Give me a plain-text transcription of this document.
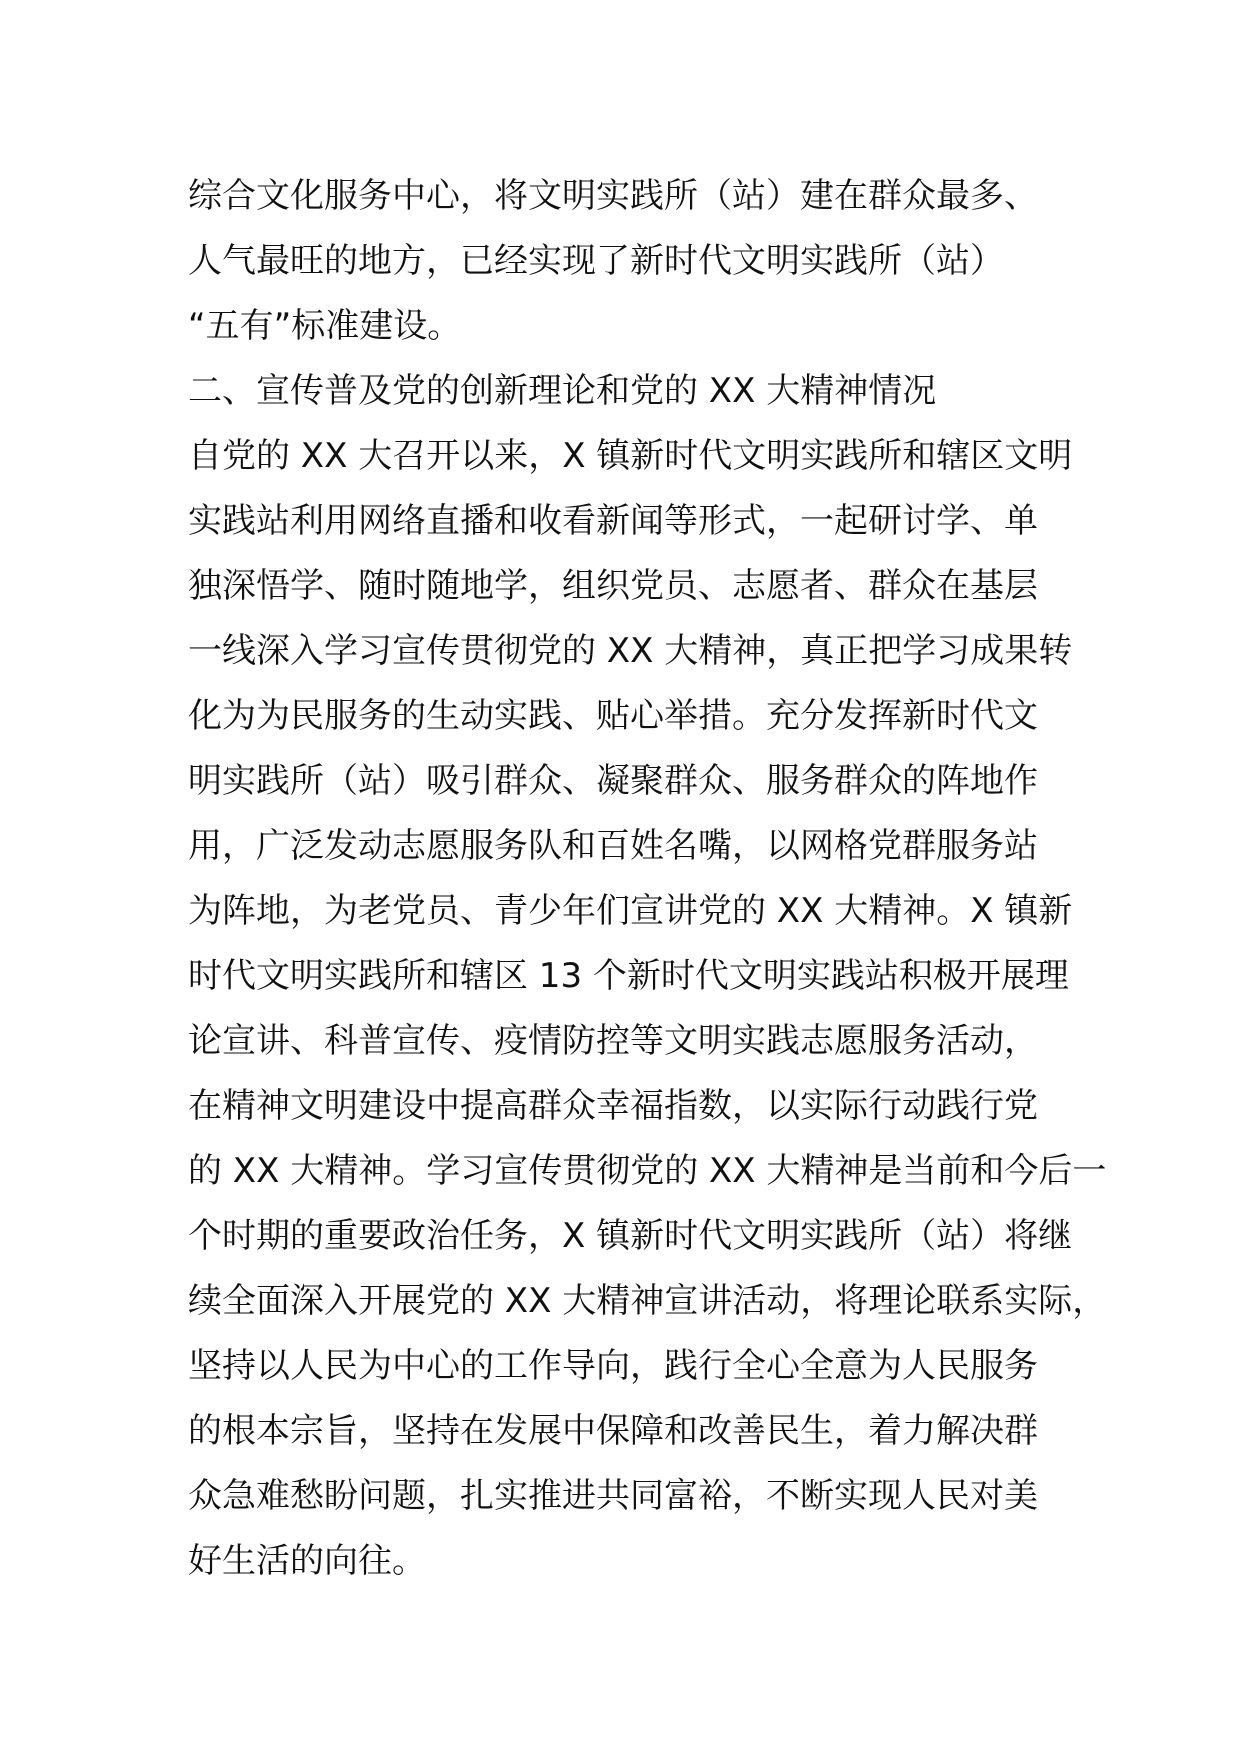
综合文化服务中心，将文明实践所（站）建在群众最多、
人气最旺的地方，已经实现了新时代文明实践所（站）
“五有”标准建设。
二、宣传普及党的创新理论和党的 XX 大精神情况
自党的 XX 大召开以来，X 镇新时代文明实践所和辖区文明
实践站利用网络直播和收看新闻等形式，一起研讨学、单
独深悟学、随时随地学，组织党员、志愿者、群众在基层
一线深入学习宣传贯彻党的 XX 大精神，真正把学习成果转
化为为民服务的生动实践、贴心举措。充分发挥新时代文
明实践所（站）吸引群众、凝聚群众、服务群众的阵地作
用，广泛发动志愿服务队和百姓名嘴，以网格党群服务站
为阵地，为老党员、青少年们宣讲党的 XX 大精神。X 镇新
时代文明实践所和辖区 13 个新时代文明实践站积极开展理
论宣讲、科普宣传、疫情防控等文明实践志愿服务活动，
在精神文明建设中提高群众幸福指数，以实际行动践行党
的 XX 大精神。学习宣传贯彻党的 XX 大精神是当前和今后一
个时期的重要政治任务，X 镇新时代文明实践所（站）将继
续全面深入开展党的 XX 大精神宣讲活动，将理论联系实际，
坚持以人民为中心的工作导向，践行全心全意为人民服务
的根本宗旨，坚持在发展中保障和改善民生，着力解决群
众急难愁盼问题，扎实推进共同富裕，不断实现人民对美
好生活的向往。
